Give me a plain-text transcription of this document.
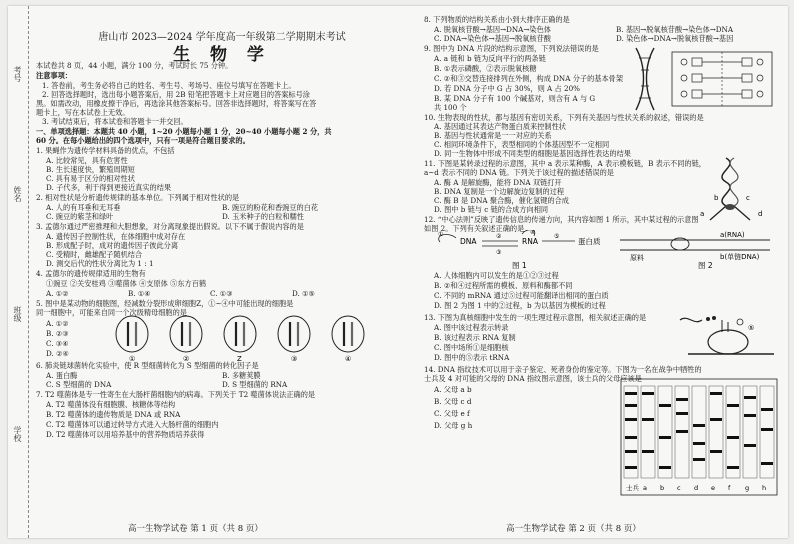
考号
姓名
班级
学校
唐山市 2023—2024 学年度高一年级第二学期期末考试
生 物 学
本试卷共 8 页，44 小题，满分 100 分，考试时长 75 分钟。
注意事项：
1. 答卷前，考生务必将自己的姓名、考生号、考场号、座位号填写在答题卡上。
2. 回答选择题时，选出每小题答案后，用 2B 铅笔把答题卡上对应题目的答案标号涂
黑。如需改动，用橡皮擦干净后，再选涂其他答案标号。回答非选择题时，将答案写在答
题卡上，写在本试卷上无效。
3. 考试结束后，将本试卷和答题卡一并交回。
一、单项选择题：本题共 40 小题，1~20 小题每小题 1 分，20~40 小题每小题 2 分，共
60 分。在每小题给出的四个选项中，只有一项是符合题目要求的。
1. 果蝇作为遗传学材料具备的优点，不包括
A. 比较常见，具有危害性
B. 生长速度快，繁殖周期短
C. 具有易于区分的相对性状
D. 子代多，利于得到更接近真实的结果
2. 相对性状是分析遗传规律的基本单位。下列属于相对性状的是
A. 人的有耳垂和无耳垂	B. 豌豆的粉花和香豌豆的白花
C. 豌豆的紫茎和绿叶	D. 玉米种子的白粒和糯性
3. 孟德尔通过严密推理和大胆想象，对分离现象提出假说。以下不属于假说内容的是
A. 遗传因子控制性状，在体细胞中成对存在
B. 形成配子时，成对的遗传因子彼此分离
C. 受精时，雌雄配子随机结合
D. 测交后代的性状分离比为 1 : 1
4. 孟德尔的遗传规律适用的生物有
①豌豆 ②关安桂鸡 ③噬菌体 ④支原体 ⑤东方百鹤
A. ①②	B. ①④	C. ①③	D. ①⑤
5. 图中是某动物的细胞图，经减数分裂形成卵细胞Z，①~④中可能出现的细胞是
同一细胞中，可能来自同一个次级精母细胞的是
A. ①②
B. ②③
C. ③④
D. ②④
6. 肺炎链球菌转化实验中，使 R 型细菌转化为 S 型细菌的转化因子是
A. 蛋白酶	B. 多糖荚膜
C. S 型细菌的 DNA	D. S 型细菌的 RNA
7. T2 噬菌体是专一性寄生在大肠杆菌细胞内的病毒。下列关于 T2 噬菌体说法正确的是
A. T2 噬菌体没有细胞膜、核糖体等结构
B. T2 噬菌体的遗传物质是 DNA 或 RNA
C. T2 噬菌体可以通过转导方式进入大肠杆菌的细胞内
D. T2 噬菌体可以用培养基中的营养物质培养获得
①	②	Z	③	④
高一生物学试卷 第 1 页（共 8 页）
8. 下列物质的结构关系由小到大排序正确的是
A. 脱氧核苷酸→基因→DNA→染色体	B. 基因→脱氧核苷酸→染色体→DNA
C. DNA→染色体→基因→脱氧核苷酸	D. 染色体→DNA→脱氧核苷酸→基因
9. 图中为 DNA 片段的结构示意图，下列说法错误的是
A. a 链和 b 链为反向平行的两条链
B. ①表示磷酸，②表示脱氧核糖
C. ②和③交替连接排列在外侧，构成 DNA 分子的基本骨架
D. 若 DNA 分子中 G 占 30%，则 A 占 20%
B. 某 DNA 分子有 100 个碱基对，则含有 A 与 G
共 100 个
10. 生物表现的性状，都与基因有密切关系，下列有关基因与性状关系的叙述，错误的是
A. 基因通过其表达产物蛋白质来控制性状
B. 基因与性状通常是一一对应的关系
C. 相同环境条件下，表型相同的个体基因型不一定相同
D. 同一生物体中形成不同类型的细胞是基因选择性表达的结果
11. 下图是某转录过程的示意图，其中 a 表示某种酶，A 表示模板链，B 表示不同的链，
a~d 表示不同的 DNA 链。下列关于该过程的描述错误的是
A. 酶 A 是解旋酶，能将 DNA 双链打开
B. DNA 复制是一个边解旋边复制的过程
C. 酶 B 是 DNA 聚合酶，催化氢键的合成
D. 图中 b 链与 c 链的合成方向相同
12. “中心法则”反映了遗传信息的传递方向，其内容如图 1 所示，其中某过程的示意图
如图 2。下列有关叙述正确的是
A. 人体细胞内可以发生的是①②③过程
B. ②和④过程所需的模板、原料和酶都不同
C. 不同的 mRNA 通过⑤过程可能翻译出相同的蛋白质
D. 图 2 为图 1 中的②过程，b 为以基因为模板的过程
13. 下图为真核细胞中发生的一项生理过程示意图，相关叙述正确的是
A. 图中该过程表示转录
B. 该过程表示 RNA 复制
C. 图中场所①是细胞核
D. 图中的⑤表示 tRNA
14. DNA 指纹技术可以用于亲子鉴定、死者身份的鉴定等。下图为一名在战争中牺牲的
士兵及 4 对可能的父母的 DNA 指纹图示意图，该士兵的父母应该是
A. 父母 a b
B. 父母 c d
C. 父母 e f
D. 父母 g h
a
b	c
d
DNA	RNA	蛋白质
①	②
③
④
⑤
图 1
a(RNA)
b(单链DNA)
原料
图 2
⑤
士兵 a b c d e f g h
高一生物学试卷 第 2 页（共 8 页）
